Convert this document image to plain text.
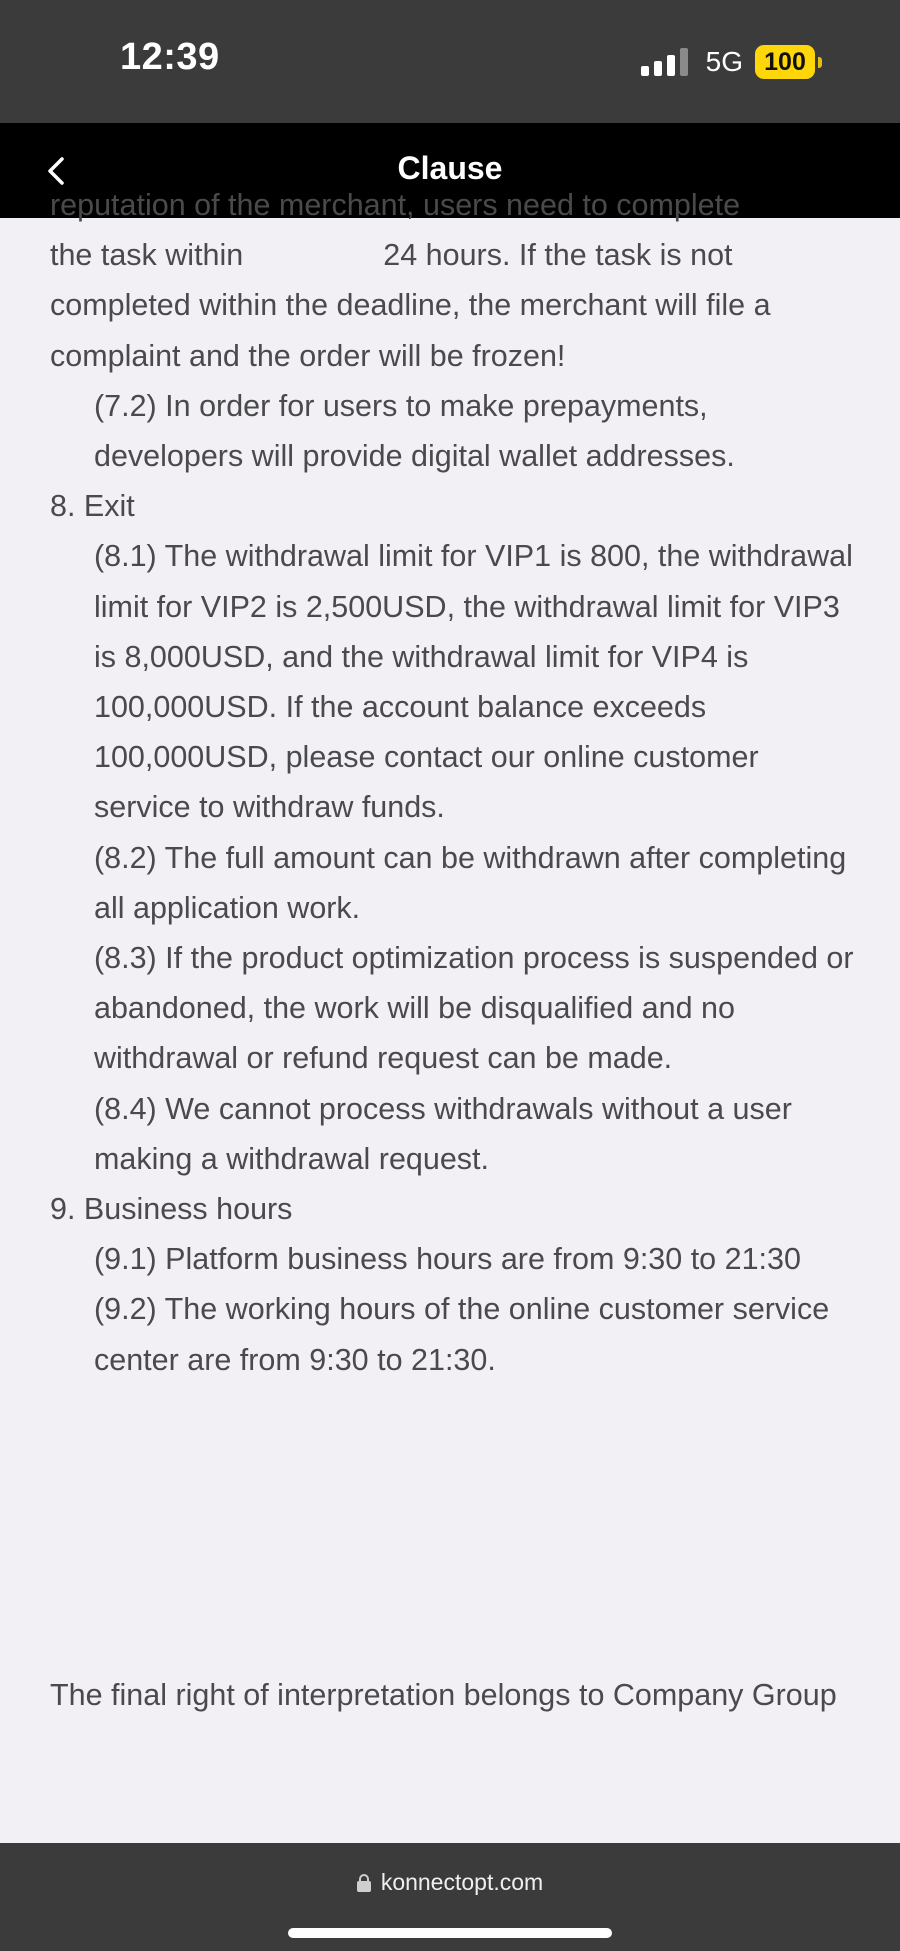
12:39	5G 100
Clause

reputation of the merchant, users need to complete

the task within	24 hours. If the task is not completed within the deadline, the merchant will file a complaint and the order will be frozen!

(7.2) In order for users to make prepayments, developers will provide digital wallet addresses.

8. Exit

(8.1) The withdrawal limit for VIP1 is 800, the withdrawal limit for VIP2 is 2,500USD, the withdrawal limit for VIP3 is 8,000USD, and the withdrawal limit for VIP4 is100,000USD. If the account balance exceeds 100,000USD, please contact our online customer service to withdraw funds.

(8.2) The full amount can be withdrawn after completing all application work.

(8.3) If the product optimization process is suspended or abandoned, the work will be disqualified and no withdrawal or refund request can be made.

(8.4) We cannot process withdrawals without a user making a withdrawal request.

9. Business hours

(9.1) Platform business hours are from 9:30 to 21:30

(9.2) The working hours of the online customer service center are from 9:30 to 21:30.

The final right of interpretation belongs to Company Group
konnectopt.com
